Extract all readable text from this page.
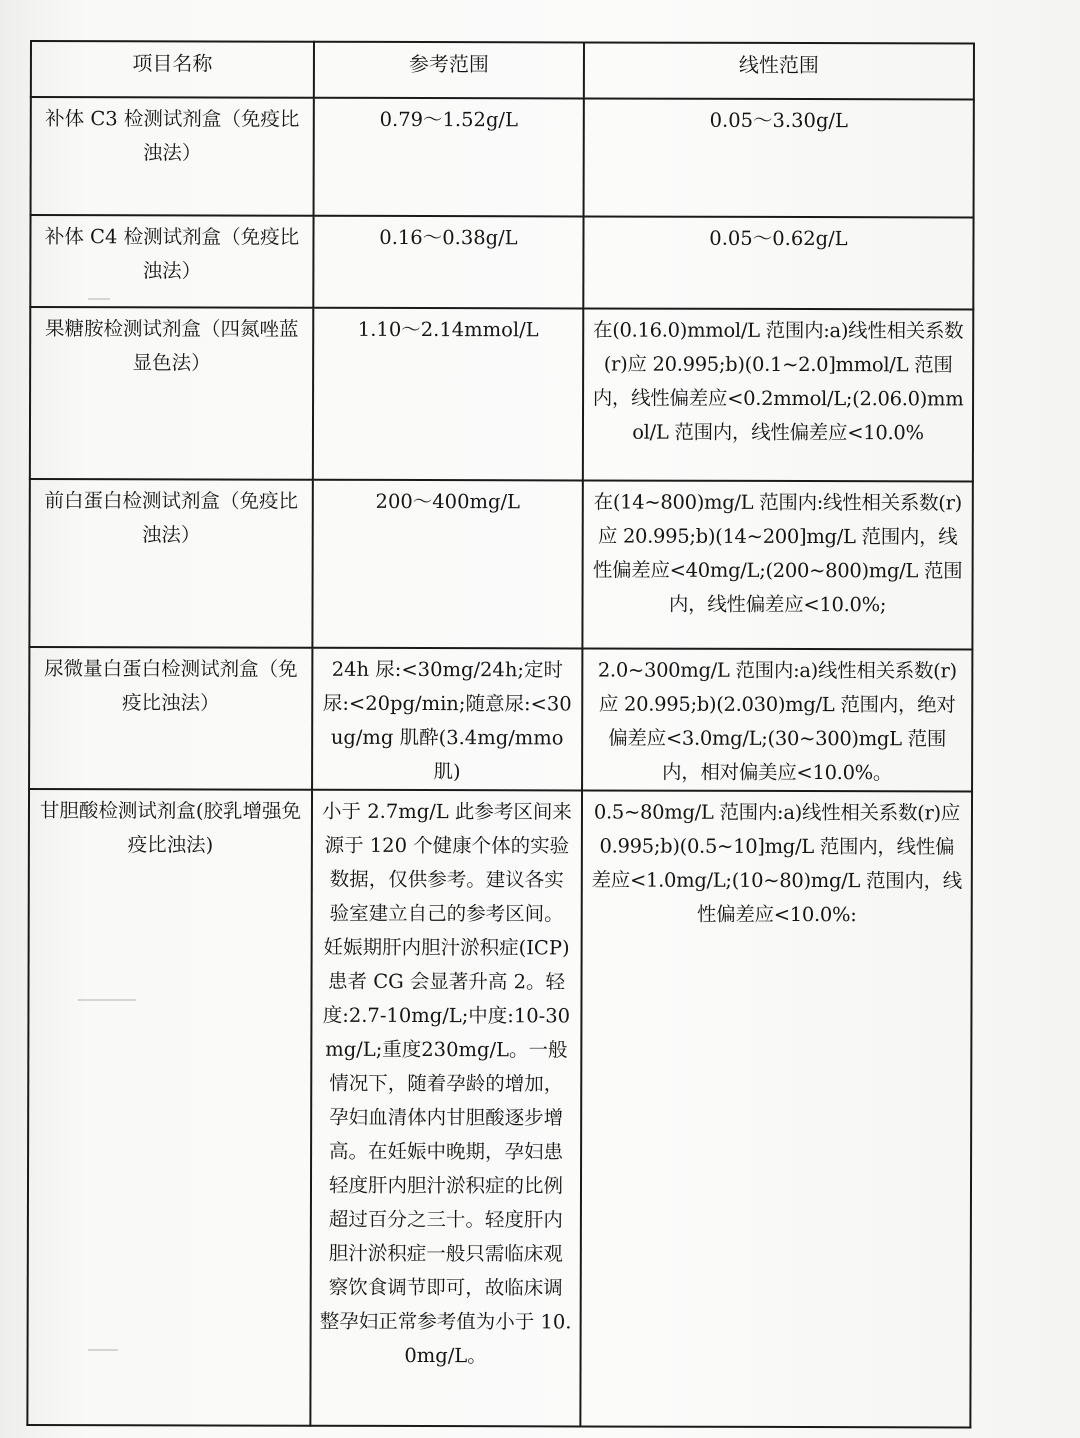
项目名称	参考范围	线性范围
补体 C3 检测试剂盒（免疫比浊法）	0.79～1.52g/L	0.05～3.30g/L
补体 C4 检测试剂盒（免疫比浊法）	0.16～0.38g/L	0.05～0.62g/L
果糖胺检测试剂盒（四氮唑蓝显色法）	1.10～2.14mmol/L	在(0.16.0)mmol/L 范围内:a)线性相关系数(r)应 20.995;b)(0.1~2.0]mmol/L 范围内，线性偏差应<0.2mmol/L;(2.06.0)mmol/L 范围内，线性偏差应<10.0%
前白蛋白检测试剂盒（免疫比浊法）	200～400mg/L	在(14~800)mg/L 范围内:线性相关系数(r)应 20.995;b)(14~200]mg/L 范围内，线性偏差应<40mg/L;(200~800)mg/L 范围内，线性偏差应<10.0%;
尿微量白蛋白检测试剂盒（免疫比浊法）	24h 尿:<30mg/24h;定时尿:<20pg/min;随意尿:<30ug/mg 肌酔(3.4mg/mmo 肌)	2.0~300mg/L 范围内:a)线性相关系数(r)应 20.995;b)(2.030)mg/L 范围内，绝对偏差应<3.0mg/L;(30~300)mgL 范围内，相对偏美应<10.0%。
甘胆酸检测试剂盒(胶乳增强免疫比浊法)	小于 2.7mg/L 此参考区间来源于 120 个健康个体的实验数据，仅供参考。建议各实验室建立自己的参考区间。妊娠期肝内胆汁淤积症(ICP)患者 CG 会显著升高 2。轻度:2.7-10mg/L;中度:10-30mg/L;重度230mg/L。一般情况下，随着孕龄的增加，孕妇血清体内甘胆酸逐步增高。在妊娠中晚期，孕妇患轻度肝内胆汁淤积症的比例超过百分之三十。轻度肝内胆汁淤积症一般只需临床观察饮食调节即可，故临床调整孕妇正常参考值为小于 10.0mg/L。	0.5~80mg/L 范围内:a)线性相关系数(r)应 0.995;b)(0.5~10]mg/L 范围内，线性偏差应<1.0mg/L;(10~80)mg/L 范围内，线性偏差应<10.0%:
